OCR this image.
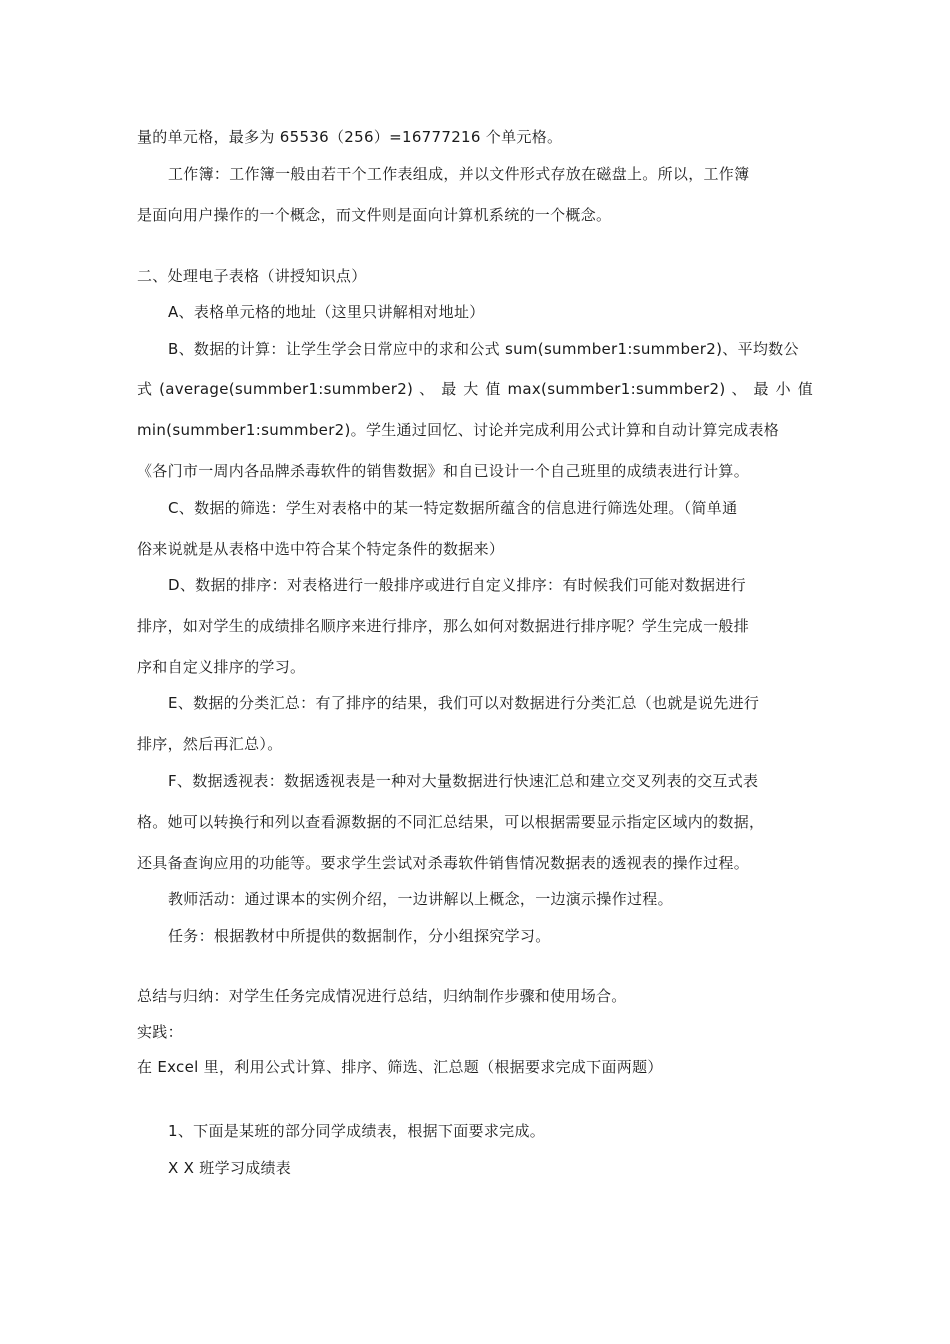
量的单元格，最多为 65536（256）=16777216 个单元格。
工作簿：工作簿一般由若干个工作表组成，并以文件形式存放在磁盘上。所以，工作簿
是面向用户操作的一个概念，而文件则是面向计算机系统的一个概念。
二、处理电子表格（讲授知识点）
A、表格单元格的地址（这里只讲解相对地址）
B、数据的计算：让学生学会日常应中的求和公式 sum(summber1:summber2)、平均数公
式 (average(summber1:summber2) 、 最 大 值 max(summber1:summber2) 、 最 小 值
min(summber1:summber2)。学生通过回忆、讨论并完成利用公式计算和自动计算完成表格
《各门市一周内各品牌杀毒软件的销售数据》和自已设计一个自己班里的成绩表进行计算。
C、数据的筛选：学生对表格中的某一特定数据所蕴含的信息进行筛选处理。（简单通
俗来说就是从表格中选中符合某个特定条件的数据来）
D、数据的排序：对表格进行一般排序或进行自定义排序：有时候我们可能对数据进行
排序，如对学生的成绩排名顺序来进行排序，那么如何对数据进行排序呢？学生完成一般排
序和自定义排序的学习。
E、数据的分类汇总：有了排序的结果，我们可以对数据进行分类汇总（也就是说先进行
排序，然后再汇总）。
F、数据透视表：数据透视表是一种对大量数据进行快速汇总和建立交叉列表的交互式表
格。她可以转换行和列以查看源数据的不同汇总结果，可以根据需要显示指定区域内的数据，
还具备查询应用的功能等。要求学生尝试对杀毒软件销售情况数据表的透视表的操作过程。
教师活动：通过课本的实例介绍，一边讲解以上概念，一边演示操作过程。
任务：根据教材中所提供的数据制作，分小组探究学习。
总结与归纳：对学生任务完成情况进行总结，归纳制作步骤和使用场合。
实践：
在 Excel 里，利用公式计算、排序、筛选、汇总题（根据要求完成下面两题）
1、下面是某班的部分同学成绩表，根据下面要求完成。
X X 班学习成绩表
